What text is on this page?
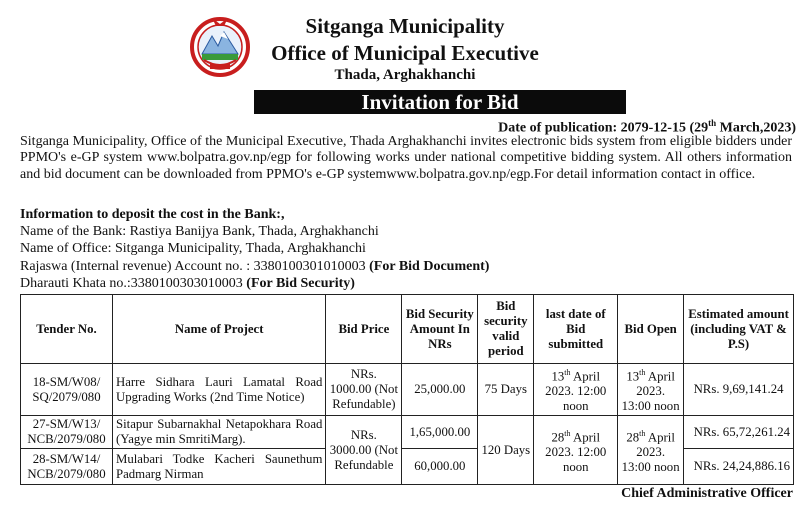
Sitganga Municipality
Office of Municipal Executive
Thada, Arghakhanchi
Invitation for Bid
Date of publication: 2079-12-15 (29th March,2023)
Sitganga Municipality, Office of the Municipal Executive, Thada Arghakhanchi invites electronic bids system from eligible bidders under PPMO's e-GP system www.bolpatra.gov.np/egp for following works under national competitive bidding system. All others information and bid document can be downloaded from PPMO's e-GP systemwww.bolpatra.gov.np/egp.For detail information contact in office.
Information to deposit the cost in the Bank:,
Name of the Bank: Rastiya Banijya Bank, Thada, Arghakhanchi
Name of Office: Sitganga Municipality, Thada, Arghakhanchi
Rajaswa (Internal revenue) Account no. : 3380100301010003 (For Bid Document)
Dharauti Khata no.:3380100303010003 (For Bid Security)
Tender No.	Name of Project	Bid Price	Bid Security Amount In NRs	Bid security valid period	last date of Bid submitted	Bid Open	Estimated amount (including VAT & P.S)
18-SM/W08/ SQ/2079/080	Harre Sidhara Lauri Lamatal Road Upgrading Works (2nd Time Notice)	NRs. 1000.00 (Not Refundable)	25,000.00	75 Days	13th April 2023. 12:00 noon	13th April 2023. 13:00 noon	NRs. 9,69,141.24
27-SM/W13/ NCB/2079/080	Sitapur Subarnakhal Netapokhara Road (Yagye min SmritiMarg).	NRs. 3000.00 (Not Refundable	1,65,000.00	120 Days	28th April 2023. 12:00 noon	28th April 2023. 13:00 noon	NRs. 65,72,261.24
28-SM/W14/ NCB/2079/080	Mulabari Todke Kacheri Saunethum Padmarg Nirman		60,000.00				NRs. 24,24,886.16
Chief Administrative Officer
